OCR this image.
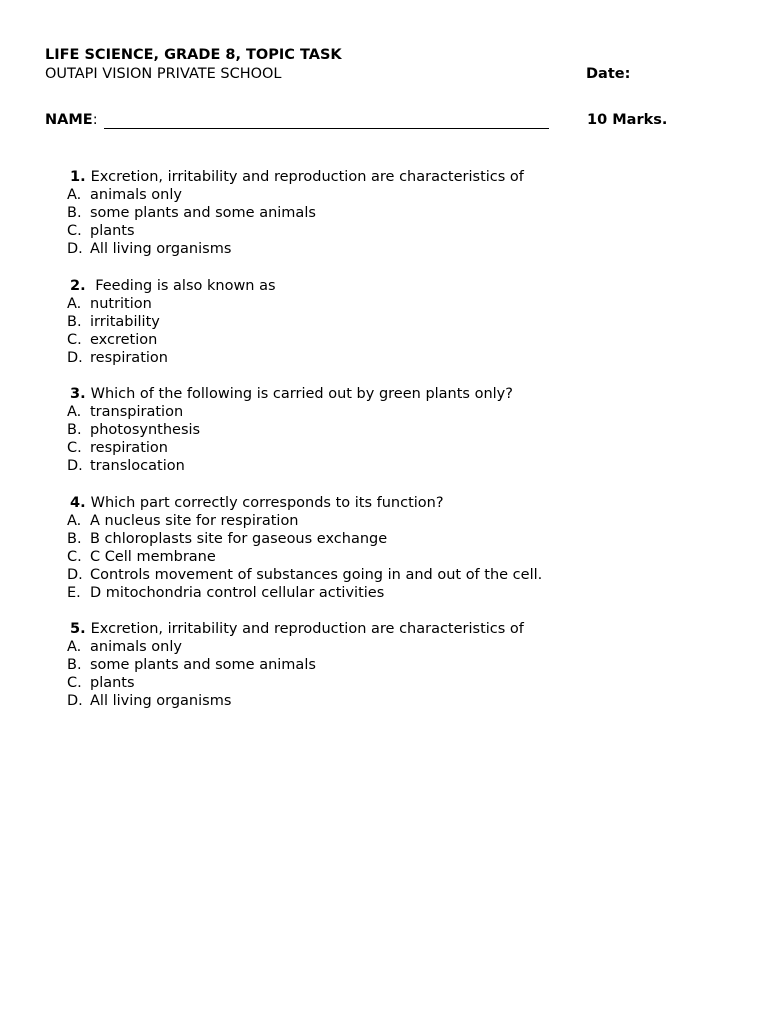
LIFE SCIENCE, GRADE 8, TOPIC TASK
OUTAPI VISION PRIVATE SCHOOL	Date:
NAME:	10 Marks.
1. Excretion, irritability and reproduction are characteristics of
A. animals only
B. some plants and some animals
C. plants
D. All living organisms
2. Feeding is also known as
A. nutrition
B. irritability
C. excretion
D. respiration
3. Which of the following is carried out by green plants only?
A. transpiration
B. photosynthesis
C. respiration
D. translocation
4. Which part correctly corresponds to its function?
A. A nucleus site for respiration
B. B chloroplasts site for gaseous exchange
C. C Cell membrane
D. Controls movement of substances going in and out of the cell.
E. D mitochondria control cellular activities
5. Excretion, irritability and reproduction are characteristics of
A. animals only
B. some plants and some animals
C. plants
D. All living organisms
